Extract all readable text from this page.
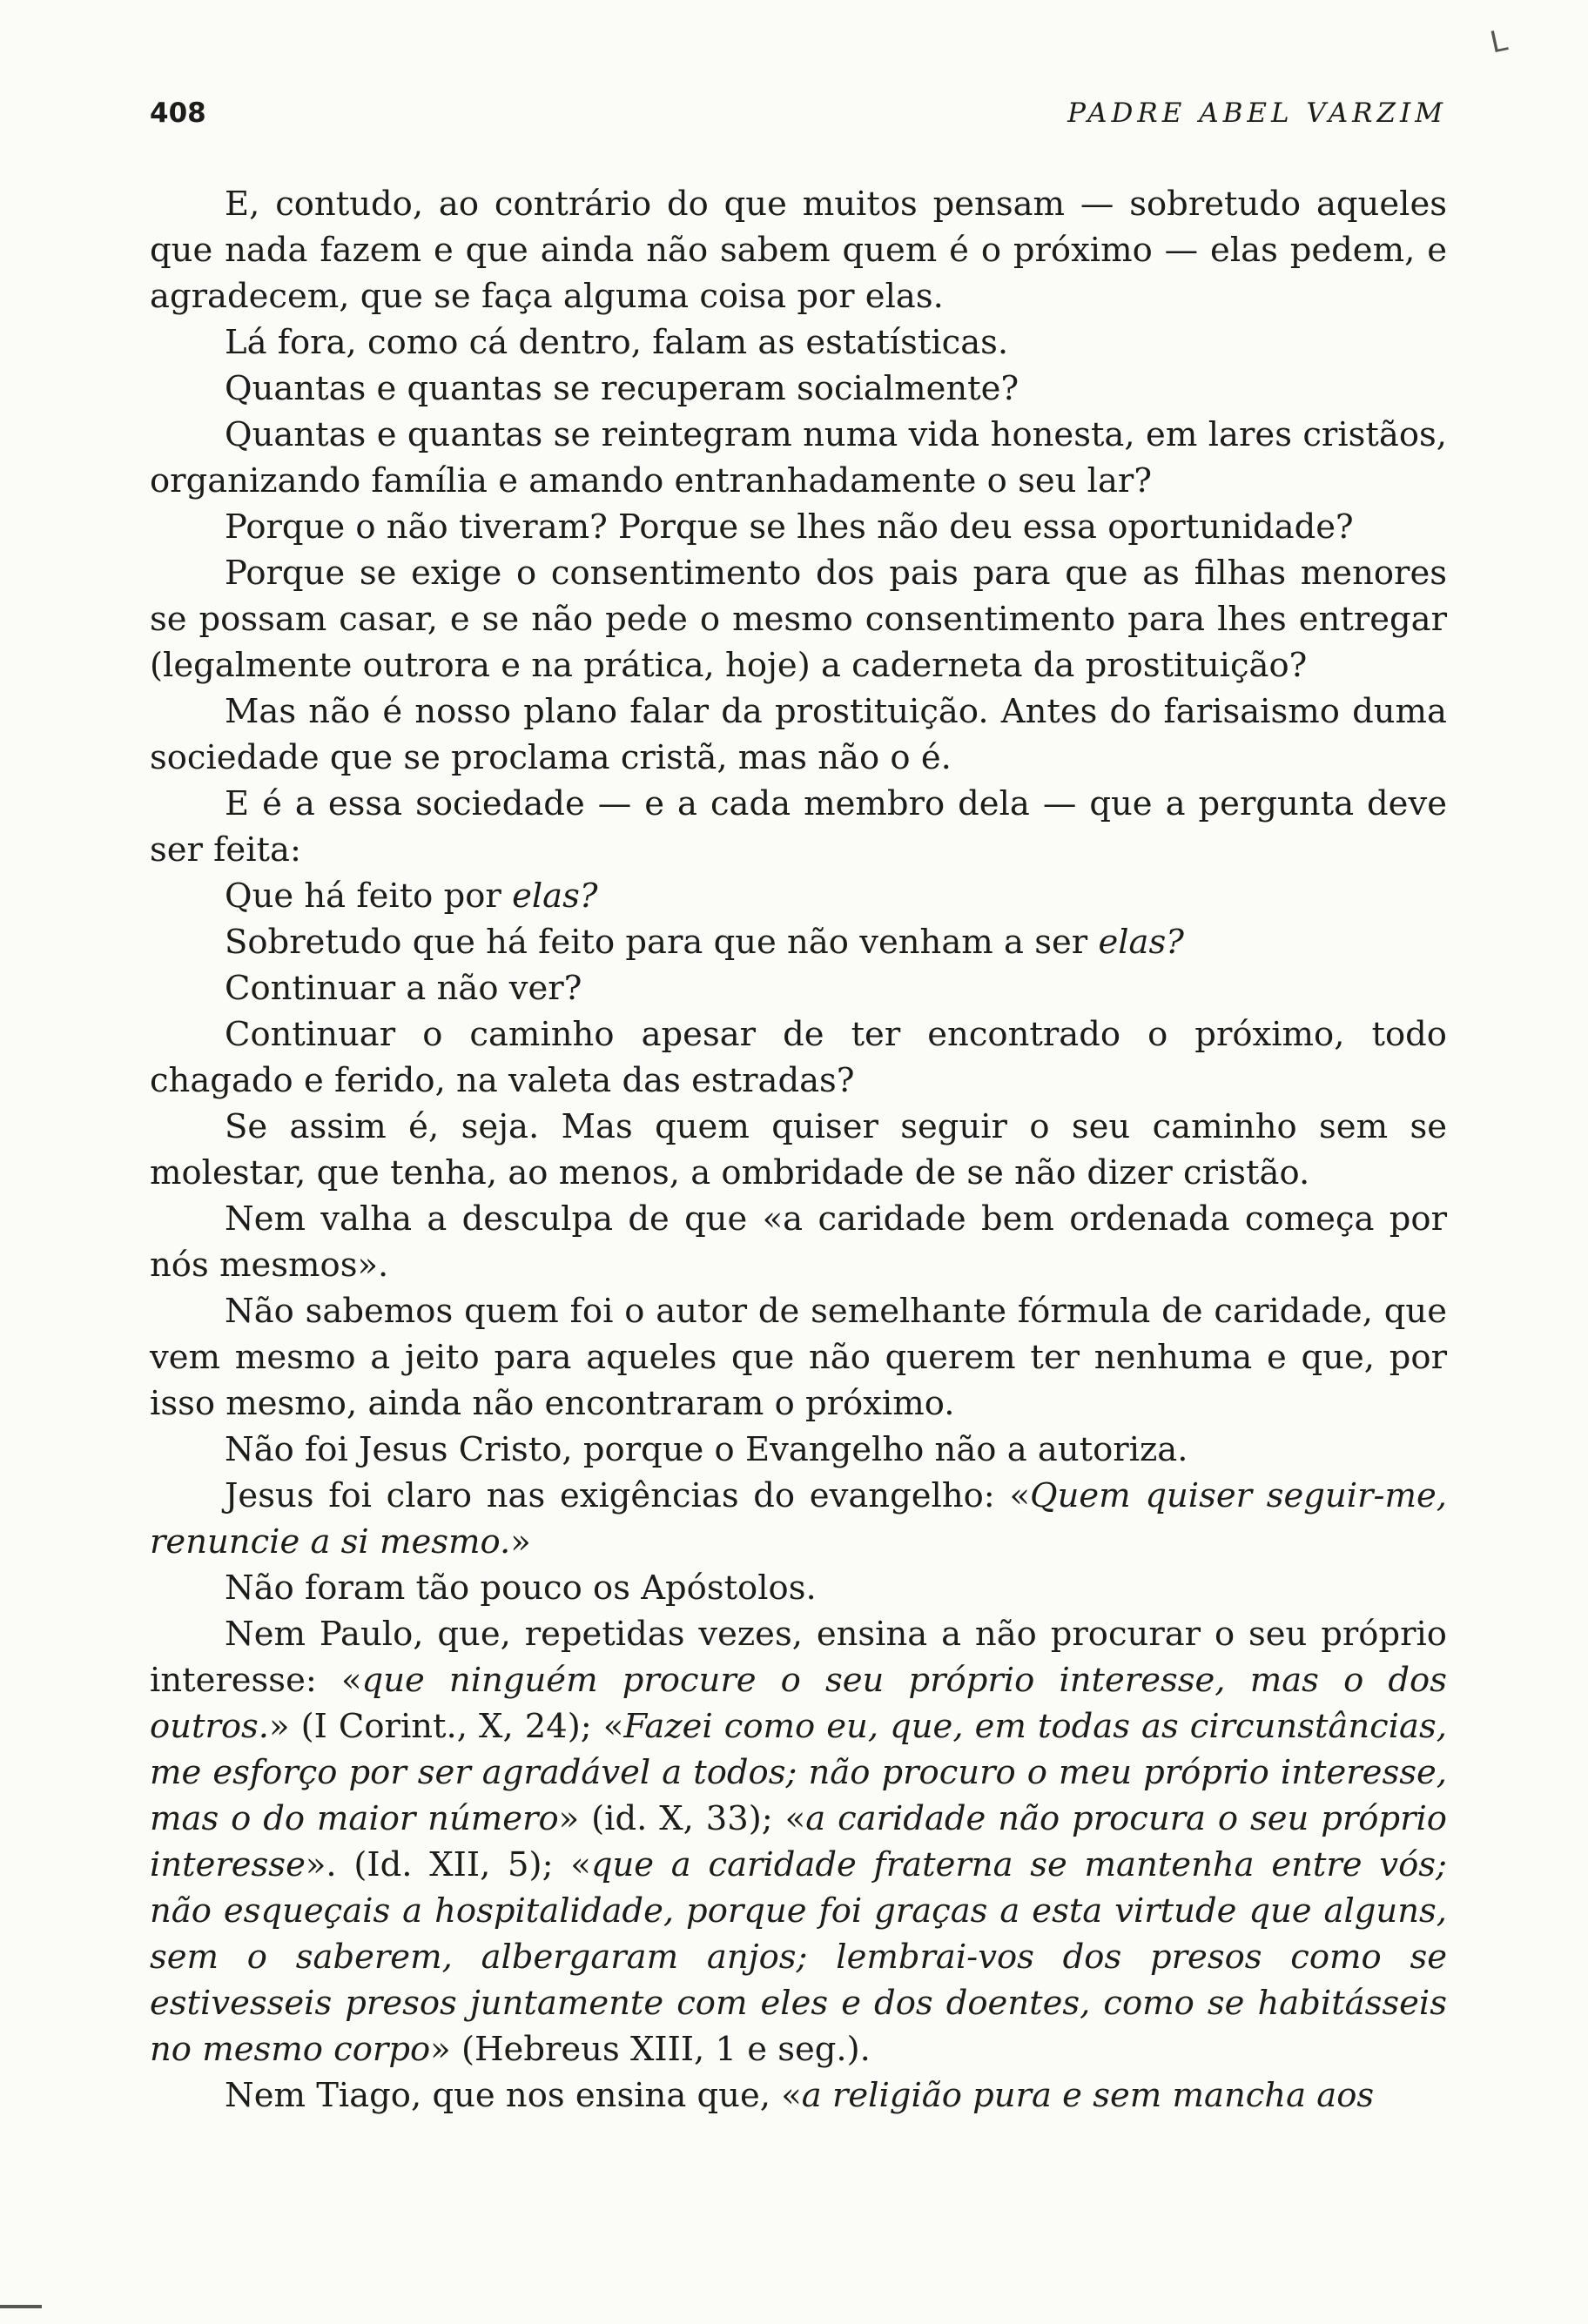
ᒪ
408	PADRE ABEL VARZIM

E, contudo, ao contrário do que muitos pensam — sobretudo aqueles que nada fazem e que ainda não sabem quem é o próximo — elas pedem, e agradecem, que se faça alguma coisa por elas.

Lá fora, como cá dentro, falam as estatísticas.

Quantas e quantas se recuperam socialmente?

Quantas e quantas se reintegram numa vida honesta, em lares cristãos, organizando família e amando entranhadamente o seu lar?

Porque o não tiveram? Porque se lhes não deu essa oportunidade?

Porque se exige o consentimento dos pais para que as filhas menores se possam casar, e se não pede o mesmo consentimento para lhes entregar (legalmente outrora e na prática, hoje) a caderneta da prostituição?

Mas não é nosso plano falar da prostituição. Antes do farisaismo duma sociedade que se proclama cristã, mas não o é.

E é a essa sociedade — e a cada membro dela — que a pergunta deve ser feita:

Que há feito por elas?

Sobretudo que há feito para que não venham a ser elas?

Continuar a não ver?

Continuar o caminho apesar de ter encontrado o próximo, todo chagado e ferido, na valeta das estradas?

Se assim é, seja. Mas quem quiser seguir o seu caminho sem se molestar, que tenha, ao menos, a ombridade de se não dizer cristão.

Nem valha a desculpa de que «a caridade bem ordenada começa por nós mesmos».

Não sabemos quem foi o autor de semelhante fórmula de caridade, que vem mesmo a jeito para aqueles que não querem ter nenhuma e que, por isso mesmo, ainda não encontraram o próximo.

Não foi Jesus Cristo, porque o Evangelho não a autoriza.

Jesus foi claro nas exigências do evangelho: «Quem quiser seguir-me, renuncie a si mesmo.»

Não foram tão pouco os Apóstolos.

Nem Paulo, que, repetidas vezes, ensina a não procurar o seu próprio interesse: «que ninguém procure o seu próprio interesse, mas o dos outros.» (I Corint., X, 24); «Fazei como eu, que, em todas as circunstâncias, me esforço por ser agradável a todos; não procuro o meu próprio interesse, mas o do maior número» (id. X, 33); «a caridade não procura o seu próprio interesse». (Id. XII, 5); «que a caridade fraterna se mantenha entre vós; não esqueçais a hospitalidade, porque foi graças a esta virtude que alguns, sem o saberem, albergaram anjos; lembrai-vos dos presos como se estivesseis presos juntamente com eles e dos doentes, como se habitásseis no mesmo corpo» (Hebreus XIII, 1 e seg.).

Nem Tiago, que nos ensina que, «a religião pura e sem mancha aos
